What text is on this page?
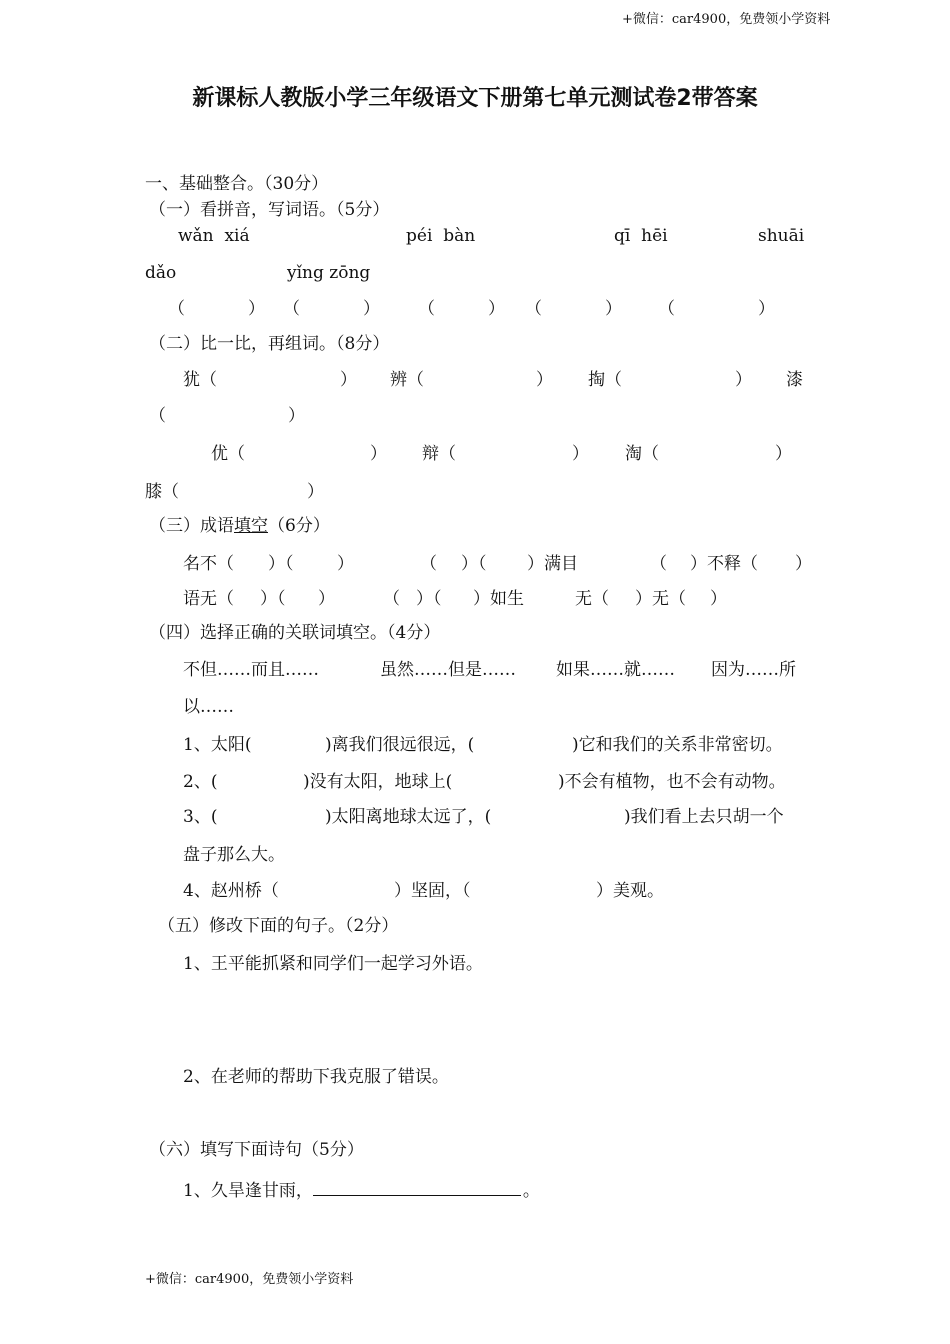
+微信：car4900，免费领小学资料
新课标人教版小学三年级语文下册第七单元测试卷2带答案
一、基础整合。（30分）
（一）看拼音，写词语。（5分）
wǎn  xiá	péi  bàn	qī  hēi	shuāi
dǎo	yǐng zōng
（	） （	） （	） （	） （	）
（二）比一比，再组词。（8分）
犹（	） 辨（	） 掏（	） 漆
（	）
优（	） 辩（	） 淘（	）
膝（	）
（三）成语填空（6分）
名不（ ）（	）	（ ）（ ）满目	（ ）不释（ ）
语无（ ）（ ）	（ ）（ ）如生	无（ ）无（ ）
（四）选择正确的关联词填空。（4分）
不但……而且……	虽然……但是…… 如果……就…… 因为……所
以……
1、太阳(	)离我们很远很远，(	)它和我们的关系非常密切。
2、(	)没有太阳，地球上(	)不会有植物，也不会有动物。
3、(	)太阳离地球太远了，(	)我们看上去只胡一个
盘子那么大。
4、赵州桥（	）坚固，（	）美观。
（五）修改下面的句子。（2分）
1、王平能抓紧和同学们一起学习外语。
2、在老师的帮助下我克服了错误。
（六）填写下面诗句（5分）
1、久旱逢甘雨，	。
+微信：car4900，免费领小学资料
